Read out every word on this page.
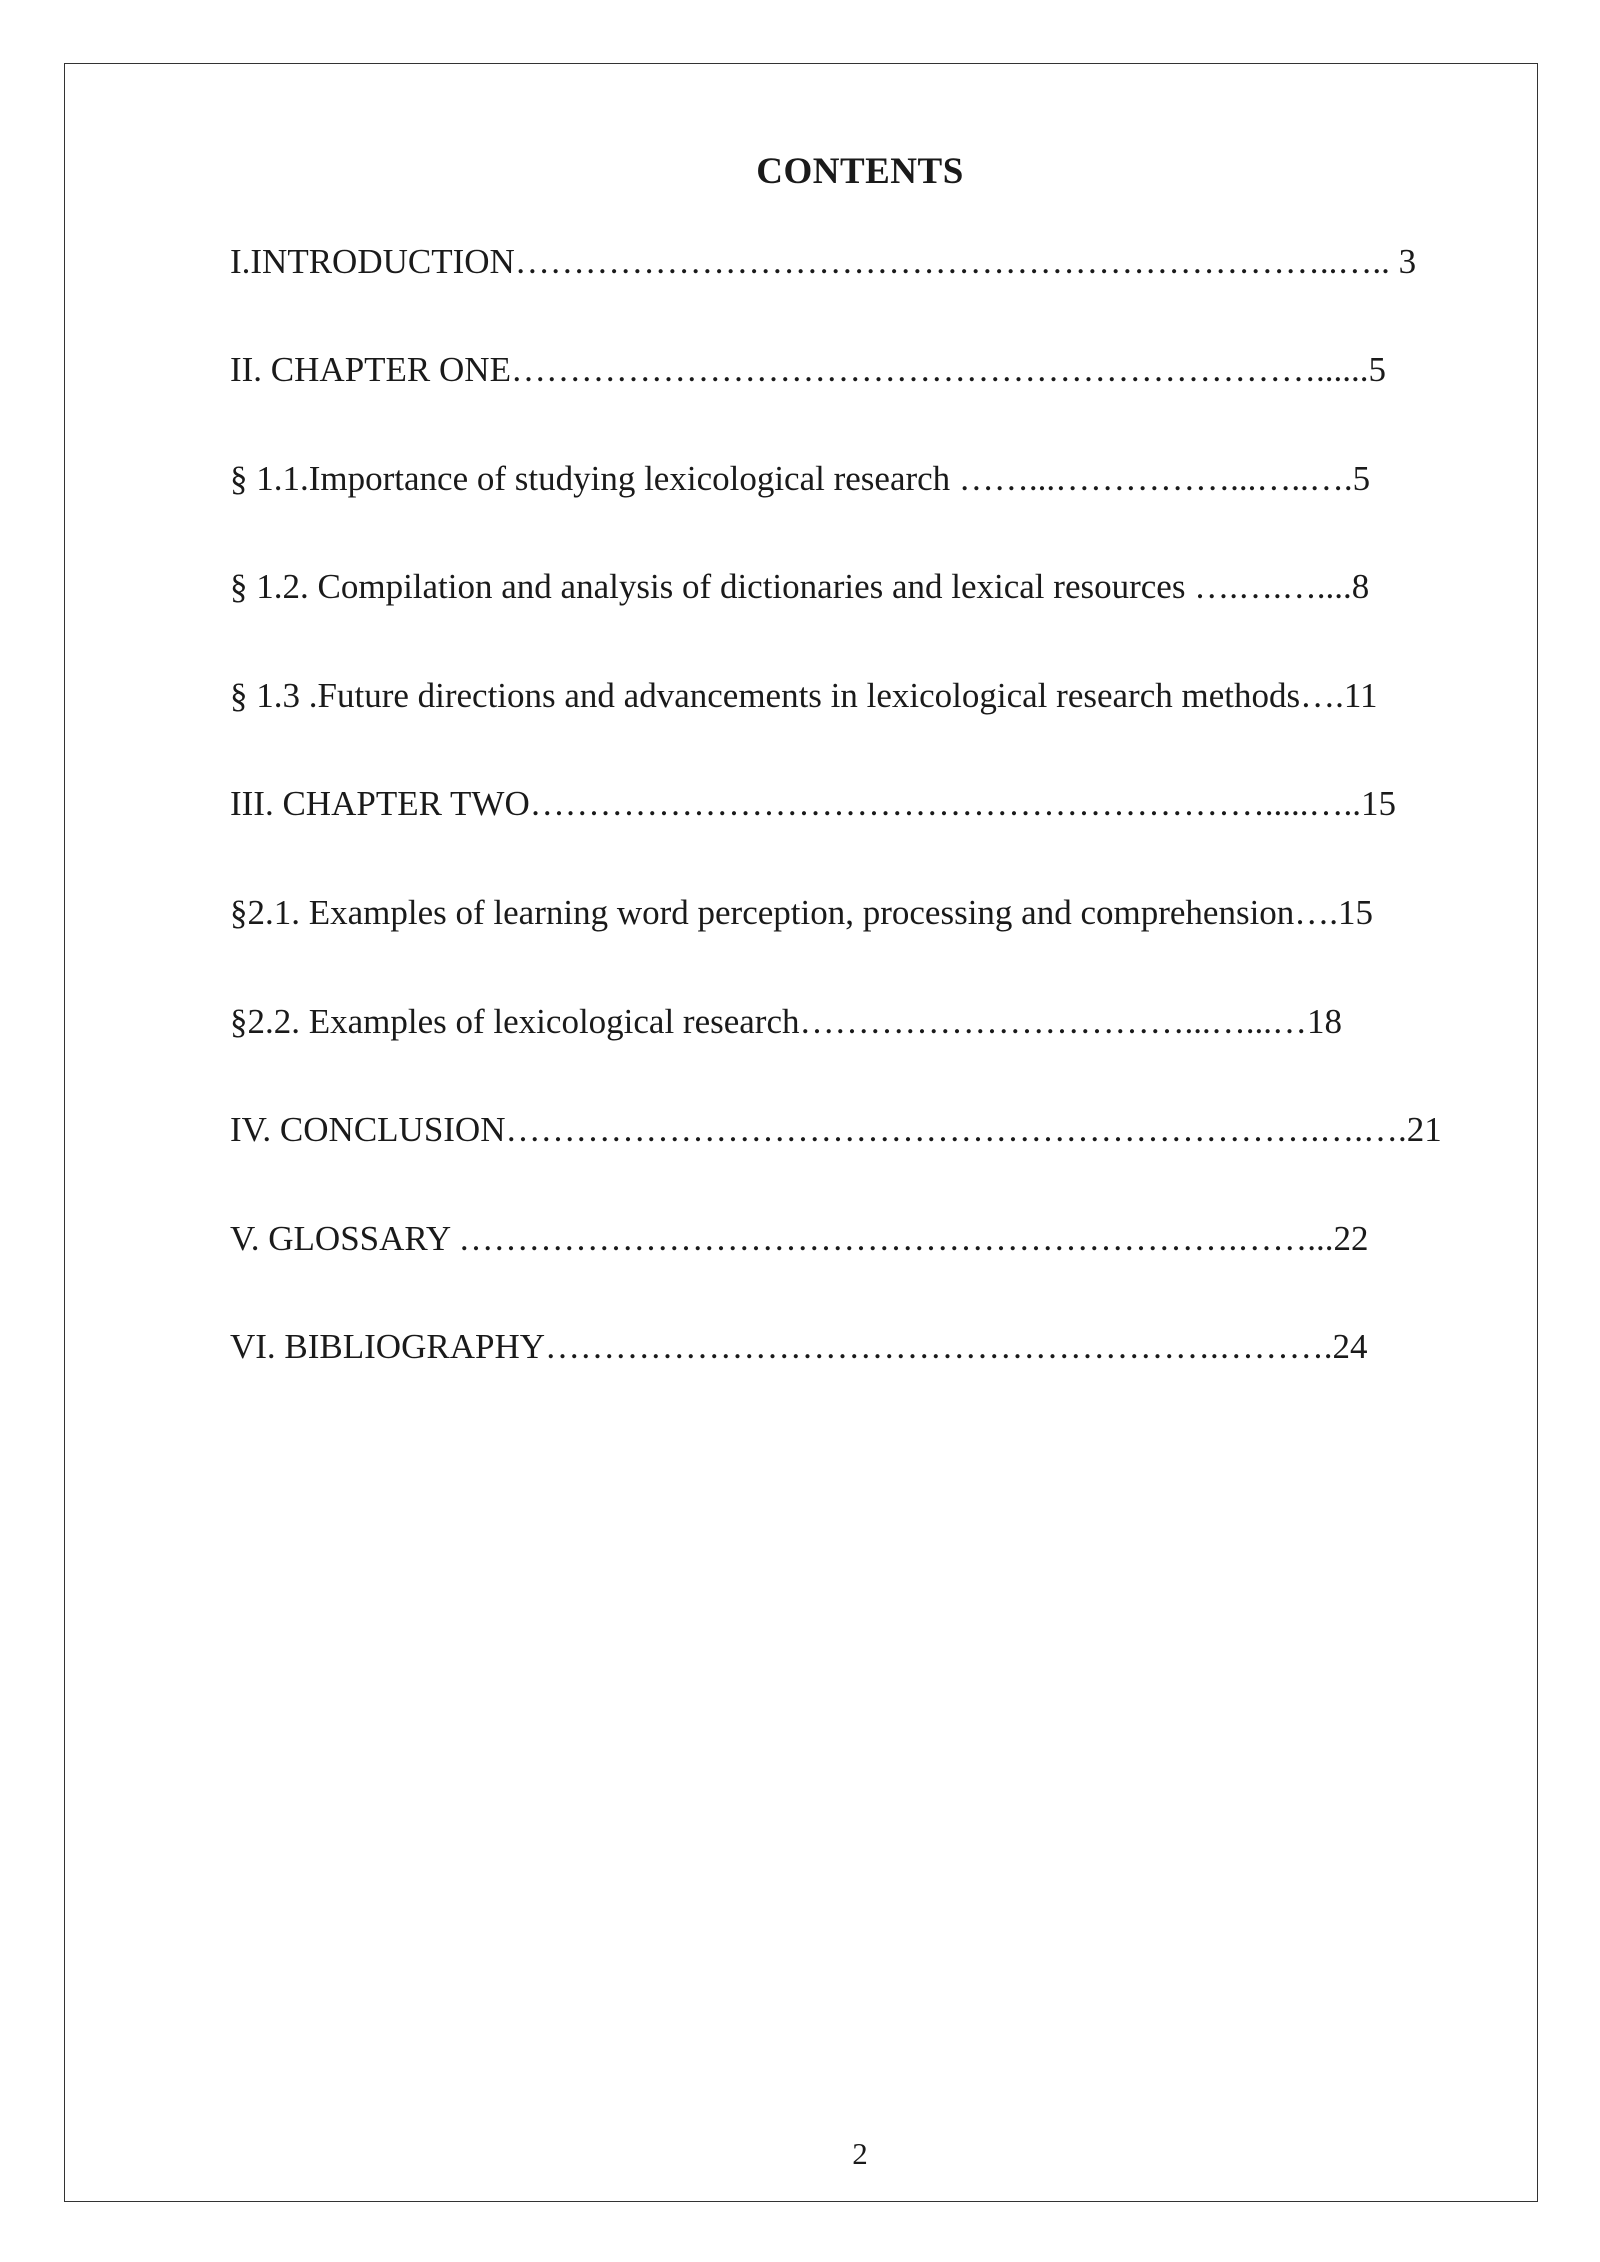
CONTENTS
I.INTRODUCTION……………………………………………………………..….. 3
II. CHAPTER ONE……………………………………………………………......5
§ 1.1.Importance of studying lexicological research ……...……………...…..….5
§ 1.2. Compilation and analysis of dictionaries and lexical resources ….….…....8
§ 1.3 .Future directions and advancements in lexicological research methods….11
III. CHAPTER TWO……………………………………………………….....…..15
§2.1. Examples of learning word perception, processing and comprehension….15
§2.2. Examples of lexicological research……………………………...…...…18
IV. CONCLUSION…………………………………………………………….….….21
V. GLOSSARY ………………………………………………………….……...22
VI. BIBLIOGRAPHY………………………………………………….……….24
2
